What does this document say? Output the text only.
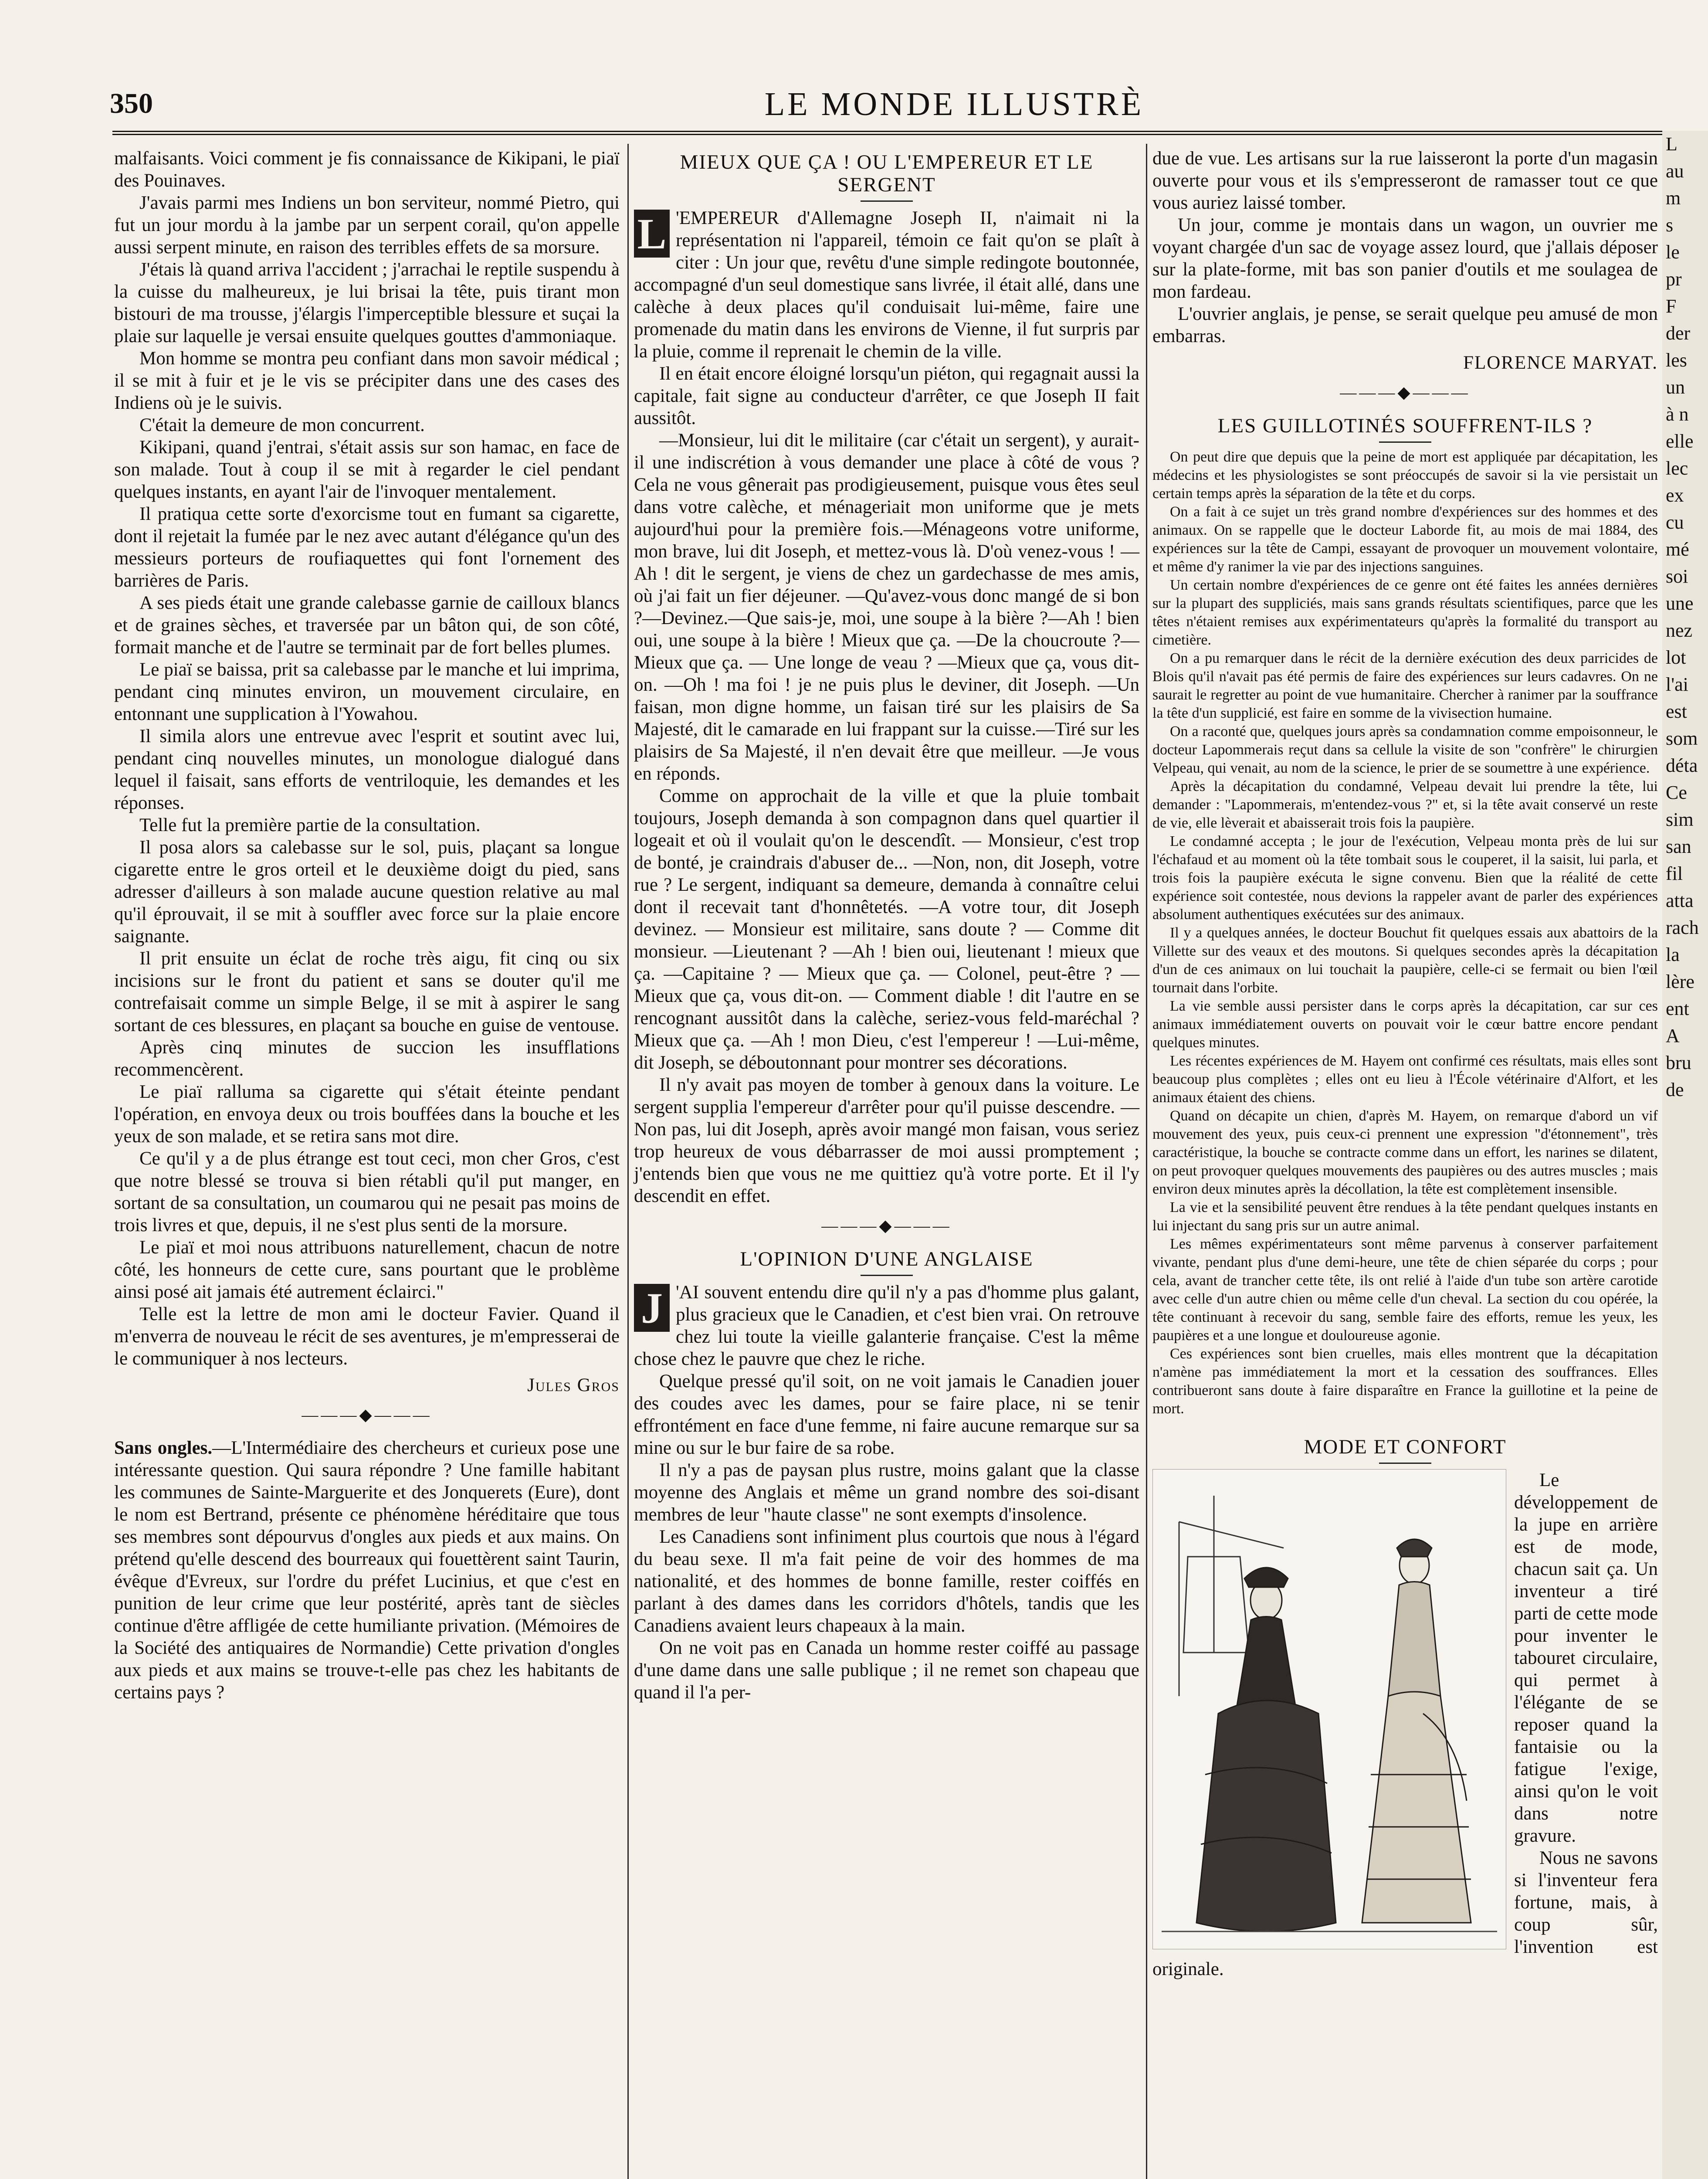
350	LE MONDE ILLUSTRÈ

malfaisants. Voici comment je fis connaissance de Kikipani, le piaï des Pouinaves.

J'avais parmi mes Indiens un bon serviteur, nommé Pietro, qui fut un jour mordu à la jambe par un serpent corail, qu'on appelle aussi serpent minute, en raison des terribles effets de sa morsure.

J'étais là quand arriva l'accident ; j'arrachai le reptile suspendu à la cuisse du malheureux, je lui brisai la tête, puis tirant mon bistouri de ma trousse, j'élargis l'imperceptible blessure et suçai la plaie sur laquelle je versai ensuite quelques gouttes d'ammoniaque.

Mon homme se montra peu confiant dans mon savoir médical ; il se mit à fuir et je le vis se précipiter dans une des cases des Indiens où je le suivis.

C'était la demeure de mon concurrent.

Kikipani, quand j'entrai, s'était assis sur son hamac, en face de son malade. Tout à coup il se mit à regarder le ciel pendant quelques instants, en ayant l'air de l'invoquer mentalement.

Il pratiqua cette sorte d'exorcisme tout en fumant sa cigarette, dont il rejetait la fumée par le nez avec autant d'élégance qu'un des messieurs porteurs de roufiaquettes qui font l'ornement des barrières de Paris.

A ses pieds était une grande calebasse garnie de cailloux blancs et de graines sèches, et traversée par un bâton qui, de son côté, formait manche et de l'autre se terminait par de fort belles plumes.

Le piaï se baissa, prit sa calebasse par le manche et lui imprima, pendant cinq minutes environ, un mouvement circulaire, en entonnant une supplication à l'Yowahou.

Il simila alors une entrevue avec l'esprit et soutint avec lui, pendant cinq nouvelles minutes, un monologue dialogué dans lequel il faisait, sans efforts de ventriloquie, les demandes et les réponses.

Telle fut la première partie de la consultation.

Il posa alors sa calebasse sur le sol, puis, plaçant sa longue cigarette entre le gros orteil et le deuxième doigt du pied, sans adresser d'ailleurs à son malade aucune question relative au mal qu'il éprouvait, il se mit à souffler avec force sur la plaie encore saignante.

Il prit ensuite un éclat de roche très aigu, fit cinq ou six incisions sur le front du patient et sans se douter qu'il me contrefaisait comme un simple Belge, il se mit à aspirer le sang sortant de ces blessures, en plaçant sa bouche en guise de ventouse.

Après cinq minutes de succion les insufflations recommencèrent.

Le piaï ralluma sa cigarette qui s'était éteinte pendant l'opération, en envoya deux ou trois bouffées dans la bouche et les yeux de son malade, et se retira sans mot dire.

Ce qu'il y a de plus étrange est tout ceci, mon cher Gros, c'est que notre blessé se trouva si bien rétabli qu'il put manger, en sortant de sa consultation, un coumarou qui ne pesait pas moins de trois livres et que, depuis, il ne s'est plus senti de la morsure.

Le piaï et moi nous attribuons naturellement, chacun de notre côté, les honneurs de cette cure, sans pourtant que le problème ainsi posé ait jamais été autrement éclairci."

Telle est la lettre de mon ami le docteur Favier. Quand il m'enverra de nouveau le récit de ses aventures, je m'empresserai de le communiquer à nos lecteurs.

Jules Gros
———◆———

Sans ongles.—L'Intermédiaire des chercheurs et curieux pose une intéressante question. Qui saura répondre ? Une famille habitant les communes de Sainte-Marguerite et des Jonquerets (Eure), dont le nom est Bertrand, présente ce phénomène héréditaire que tous ses membres sont dépourvus d'ongles aux pieds et aux mains. On prétend qu'elle descend des bourreaux qui fouettèrent saint Taurin, évêque d'Evreux, sur l'ordre du préfet Lucinius, et que c'est en punition de leur crime que leur postérité, après tant de siècles continue d'être affligée de cette humiliante privation. (Mémoires de la Société des antiquaires de Normandie) Cette privation d'ongles aux pieds et aux mains se trouve-t-elle pas chez les habitants de certains pays ?

MIEUX QUE ÇA ! OU L'EMPEREUR ET LE SERGENT

L 'EMPEREUR d'Allemagne Joseph II, n'aimait ni la représentation ni l'appareil, témoin ce fait qu'on se plaît à citer : Un jour que, revêtu d'une simple redingote boutonnée, accompagné d'un seul domestique sans livrée, il était allé, dans une calèche à deux places qu'il conduisait lui-même, faire une promenade du matin dans les environs de Vienne, il fut surpris par la pluie, comme il reprenait le chemin de la ville.

Il en était encore éloigné lorsqu'un piéton, qui regagnait aussi la capitale, fait signe au conducteur d'arrêter, ce que Joseph II fait aussitôt.

—Monsieur, lui dit le militaire (car c'était un sergent), y aurait-il une indiscrétion à vous demander une place à côté de vous ? Cela ne vous gênerait pas prodigieusement, puisque vous êtes seul dans votre calèche, et ménageriait mon uniforme que je mets aujourd'hui pour la première fois.—Ménageons votre uniforme, mon brave, lui dit Joseph, et mettez-vous là. D'où venez-vous ! —Ah ! dit le sergent, je viens de chez un gardechasse de mes amis, où j'ai fait un fier déjeuner. —Qu'avez-vous donc mangé de si bon ?—Devinez.—Que sais-je, moi, une soupe à la bière ?—Ah ! bien oui, une soupe à la bière ! Mieux que ça. —De la choucroute ?— Mieux que ça. — Une longe de veau ? —Mieux que ça, vous dit-on. —Oh ! ma foi ! je ne puis plus le deviner, dit Joseph. —Un faisan, mon digne homme, un faisan tiré sur les plaisirs de Sa Majesté, dit le camarade en lui frappant sur la cuisse.—Tiré sur les plaisirs de Sa Majesté, il n'en devait être que meilleur. —Je vous en réponds.

Comme on approchait de la ville et que la pluie tombait toujours, Joseph demanda à son compagnon dans quel quartier il logeait et où il voulait qu'on le descendît. — Monsieur, c'est trop de bonté, je craindrais d'abuser de... —Non, non, dit Joseph, votre rue ? Le sergent, indiquant sa demeure, demanda à connaître celui dont il recevait tant d'honnêtetés. —A votre tour, dit Joseph devinez. — Monsieur est militaire, sans doute ? — Comme dit monsieur. —Lieutenant ? —Ah ! bien oui, lieutenant ! mieux que ça. —Capitaine ? — Mieux que ça. — Colonel, peut-être ? — Mieux que ça, vous dit-on. — Comment diable ! dit l'autre en se rencognant aussitôt dans la calèche, seriez-vous feld-maréchal ? Mieux que ça. —Ah ! mon Dieu, c'est l'empereur ! —Lui-même, dit Joseph, se déboutonnant pour montrer ses décorations.

Il n'y avait pas moyen de tomber à genoux dans la voiture. Le sergent supplia l'empereur d'arrêter pour qu'il puisse descendre. —Non pas, lui dit Joseph, après avoir mangé mon faisan, vous seriez trop heureux de vous débarrasser de moi aussi promptement ; j'entends bien que vous ne me quittiez qu'à votre porte. Et il l'y descendit en effet.

———◆———
L'OPINION D'UNE ANGLAISE

J 'AI souvent entendu dire qu'il n'y a pas d'homme plus galant, plus gracieux que le Canadien, et c'est bien vrai. On retrouve chez lui toute la vieille galanterie française. C'est la même chose chez le pauvre que chez le riche.

Quelque pressé qu'il soit, on ne voit jamais le Canadien jouer des coudes avec les dames, pour se faire place, ni se tenir effrontément en face d'une femme, ni faire aucune remarque sur sa mine ou sur le bur faire de sa robe.

Il n'y a pas de paysan plus rustre, moins galant que la classe moyenne des Anglais et même un grand nombre des soi-disant membres de leur "haute classe" ne sont exempts d'insolence.

Les Canadiens sont infiniment plus courtois que nous à l'égard du beau sexe. Il m'a fait peine de voir des hommes de ma nationalité, et des hommes de bonne famille, rester coiffés en parlant à des dames dans les corridors d'hôtels, tandis que les Canadiens avaient leurs chapeaux à la main.

On ne voit pas en Canada un homme rester coiffé au passage d'une dame dans une salle publique ; il ne remet son chapeau que quand il l'a per-

due de vue. Les artisans sur la rue laisseront la porte d'un magasin ouverte pour vous et ils s'empresseront de ramasser tout ce que vous auriez laissé tomber.

Un jour, comme je montais dans un wagon, un ouvrier me voyant chargée d'un sac de voyage assez lourd, que j'allais déposer sur la plate-forme, mit bas son panier d'outils et me soulagea de mon fardeau.

L'ouvrier anglais, je pense, se serait quelque peu amusé de mon embarras.

FLORENCE MARYAT.
———◆———
LES GUILLOTINÉS SOUFFRENT-ILS ?

On peut dire que depuis que la peine de mort est appliquée par décapitation, les médecins et les physiologistes se sont préoccupés de savoir si la vie persistait un certain temps après la séparation de la tête et du corps.

On a fait à ce sujet un très grand nombre d'expériences sur des hommes et des animaux. On se rappelle que le docteur Laborde fit, au mois de mai 1884, des expériences sur la tête de Campi, essayant de provoquer un mouvement volontaire, et même d'y ranimer la vie par des injections sanguines.

Un certain nombre d'expériences de ce genre ont été faites les années dernières sur la plupart des suppliciés, mais sans grands résultats scientifiques, parce que les têtes n'étaient remises aux expérimentateurs qu'après la formalité du transport au cimetière.

On a pu remarquer dans le récit de la dernière exécution des deux parricides de Blois qu'il n'avait pas été permis de faire des expériences sur leurs cadavres. On ne saurait le regretter au point de vue humanitaire. Chercher à ranimer par la souffrance la tête d'un supplicié, est faire en somme de la vivisection humaine.

On a raconté que, quelques jours après sa condamnation comme empoisonneur, le docteur Lapommerais reçut dans sa cellule la visite de son "confrère" le chirurgien Velpeau, qui venait, au nom de la science, le prier de se soumettre à une expérience.

Après la décapitation du condamné, Velpeau devait lui prendre la tête, lui demander : "Lapommerais, m'entendez-vous ?" et, si la tête avait conservé un reste de vie, elle lèverait et abaisserait trois fois la paupière.

Le condamné accepta ; le jour de l'exécution, Velpeau monta près de lui sur l'échafaud et au moment où la tête tombait sous le couperet, il la saisit, lui parla, et trois fois la paupière exécuta le signe convenu. Bien que la réalité de cette expérience soit contestée, nous devions la rappeler avant de parler des expériences absolument authentiques exécutées sur des animaux.

Il y a quelques années, le docteur Bouchut fit quelques essais aux abattoirs de la Villette sur des veaux et des moutons. Si quelques secondes après la décapitation d'un de ces animaux on lui touchait la paupière, celle-ci se fermait ou bien l'œil tournait dans l'orbite.

La vie semble aussi persister dans le corps après la décapitation, car sur ces animaux immédiatement ouverts on pouvait voir le cœur battre encore pendant quelques minutes.

Les récentes expériences de M. Hayem ont confirmé ces résultats, mais elles sont beaucoup plus complètes ; elles ont eu lieu à l'École vétérinaire d'Alfort, et les animaux étaient des chiens.

Quand on décapite un chien, d'après M. Hayem, on remarque d'abord un vif mouvement des yeux, puis ceux-ci prennent une expression "d'étonnement", très caractéristique, la bouche se contracte comme dans un effort, les narines se dilatent, on peut provoquer quelques mouvements des paupières ou des autres muscles ; mais environ deux minutes après la décollation, la tête est complètement insensible.

La vie et la sensibilité peuvent être rendues à la tête pendant quelques instants en lui injectant du sang pris sur un autre animal.

Les mêmes expérimentateurs sont même parvenus à conserver parfaitement vivante, pendant plus d'une demi-heure, une tête de chien séparée du corps ; pour cela, avant de trancher cette tête, ils ont relié à l'aide d'un tube son artère carotide avec celle d'un autre chien ou même celle d'un cheval. La section du cou opérée, la tête continuant à recevoir du sang, semble faire des efforts, remue les yeux, les paupières et a une longue et douloureuse agonie.

Ces expériences sont bien cruelles, mais elles montrent que la décapitation n'amène pas immédiatement la mort et la cessation des souffrances. Elles contribueront sans doute à faire disparaître en France la guillotine et la peine de mort.

MODE ET CONFORT

Le développement de la jupe en arrière est de mode, chacun sait ça. Un inventeur a tiré parti de cette mode pour inventer le tabouret circulaire, qui permet à l'élégante de se reposer quand la fantaisie ou la fatigue l'exige, ainsi qu'on le voit dans notre gravure.

Nous ne savons si l'inventeur fera fortune, mais, à coup sûr, l'invention est originale.

L
au
m
s
le
pr
F
der
les
un
à n
elle
lec
ex
cu
mé
soi
une
nez
lot
l'ai
est
som
déta
Ce
sim
san
fil
atta
rach
la
lère
ent
A
bru
de
